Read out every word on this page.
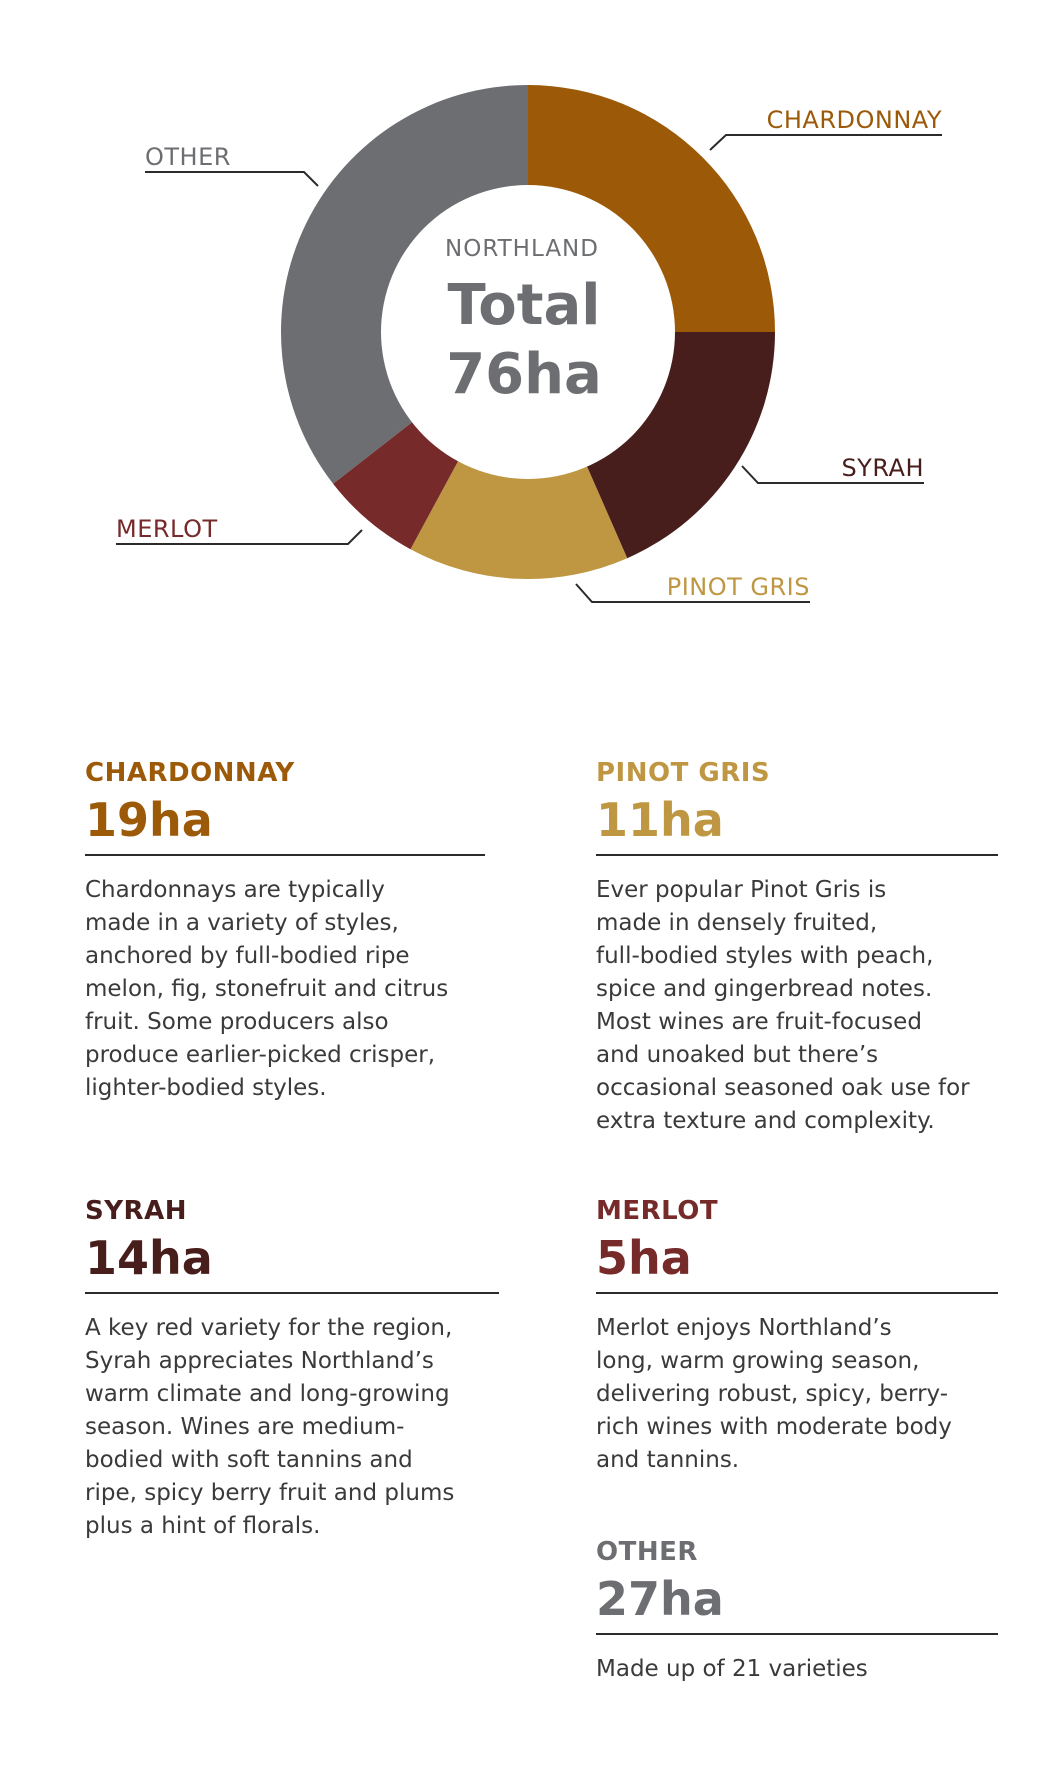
NORTHLAND
Total
76ha
CHARDONNAY
SYRAH
PINOT GRIS
MERLOT
OTHER
CHARDONNAY
19ha
Chardonnays are typically
made in a variety of styles,
anchored by full-bodied ripe
melon, fig, stonefruit and citrus
fruit. Some producers also
produce earlier-picked crisper,
lighter-bodied styles.
PINOT GRIS
11ha
Ever popular Pinot Gris is
made in densely fruited,
full-bodied styles with peach,
spice and gingerbread notes.
Most wines are fruit-focused
and unoaked but there’s
occasional seasoned oak use for
extra texture and complexity.
SYRAH
14ha
A key red variety for the region,
Syrah appreciates Northland’s
warm climate and long-growing
season. Wines are medium-
bodied with soft tannins and
ripe, spicy berry fruit and plums
plus a hint of florals.
MERLOT
5ha
Merlot enjoys Northland’s
long, warm growing season,
delivering robust, spicy, berry-
rich wines with moderate body
and tannins.
OTHER
27ha
Made up of 21 varieties
